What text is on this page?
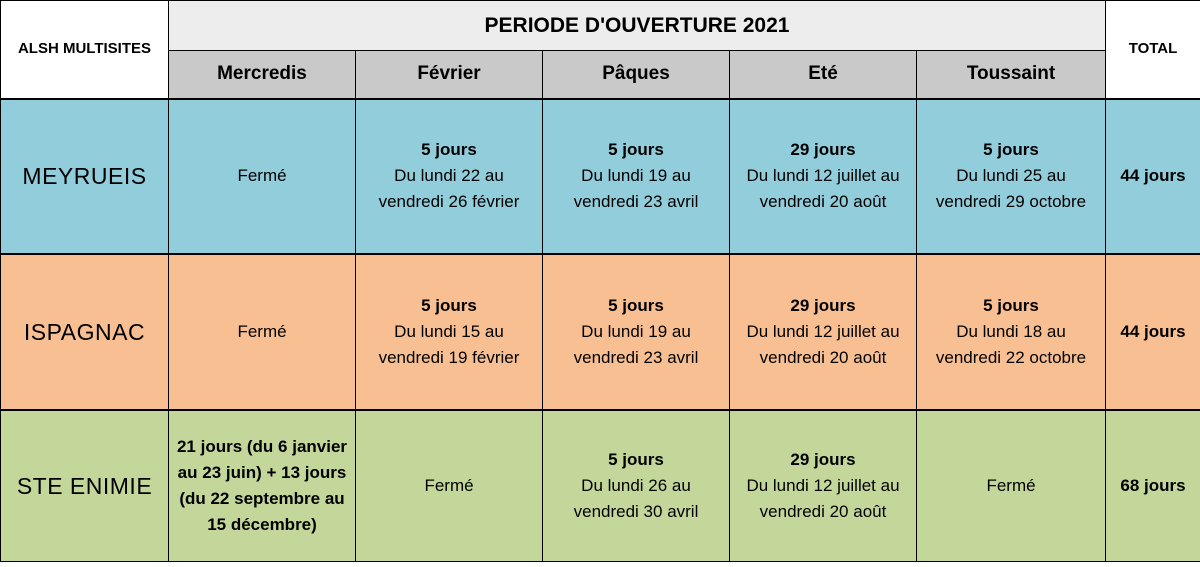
ALSH MULTISITES	PERIODE D'OUVERTURE 2021					TOTAL
	Mercredis	Février	Pâques	Eté	Toussaint	
MEYRUEIS	Fermé	5 jours
Du lundi 22 au
vendredi 26 février	5 jours
Du lundi 19 au
vendredi 23 avril	29 jours
Du lundi 12 juillet au
vendredi 20 août	5 jours
Du lundi 25 au
vendredi 29 octobre	44 jours
ISPAGNAC	Fermé	5 jours
Du lundi 15 au
vendredi 19 février	5 jours
Du lundi 19 au
vendredi 23 avril	29 jours
Du lundi 12 juillet au
vendredi 20 août	5 jours
Du lundi 18 au
vendredi 22 octobre	44 jours
STE ENIMIE	21 jours (du 6 janvier
au 23 juin) + 13 jours
(du 22 septembre au
15 décembre)	Fermé	5 jours
Du lundi 26 au
vendredi 30 avril	29 jours
Du lundi 12 juillet au
vendredi 20 août	Fermé	68 jours
